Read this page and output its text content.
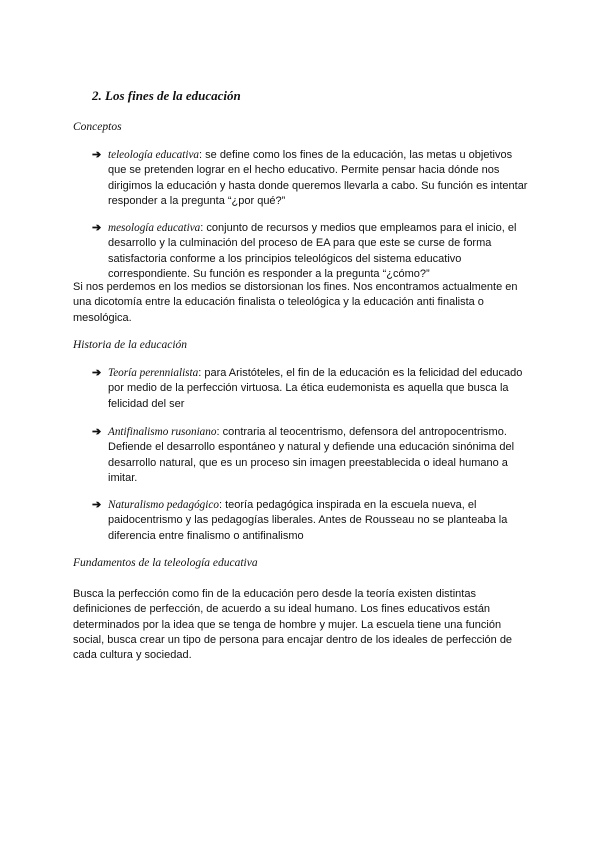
2. Los fines de la educación
Conceptos
➔ teleología educativa: se define como los fines de la educación, las metas u objetivos que se pretenden lograr en el hecho educativo. Permite pensar hacia dónde nos dirigimos la educación y hasta donde queremos llevarla a cabo. Su función es intentar responder a la pregunta “¿por qué?”
➔ mesología educativa: conjunto de recursos y medios que empleamos para el inicio, el desarrollo y la culminación del proceso de EA para que este se curse de forma satisfactoria conforme a los principios teleológicos del sistema educativo correspondiente. Su función es responder a la pregunta “¿cómo?”
Si nos perdemos en los medios se distorsionan los fines. Nos encontramos actualmente en una dicotomía entre la educación finalista o teleológica y la educación anti finalista o mesológica.
Historia de la educación
➔ Teoría perennialista: para Aristóteles, el fin de la educación es la felicidad del educado por medio de la perfección virtuosa. La ética eudemonista es aquella que busca la felicidad del ser
➔ Antifinalismo rusoniano: contraria al teocentrismo, defensora del antropocentrismo. Defiende el desarrollo espontáneo y natural y defiende una educación sinónima del desarrollo natural, que es un proceso sin imagen preestablecida o ideal humano a imitar.
➔ Naturalismo pedagógico: teoría pedagógica inspirada en la escuela nueva, el paidocentrismo y las pedagogías liberales. Antes de Rousseau no se planteaba la diferencia entre finalismo o antifinalismo
Fundamentos de la teleología educativa
Busca la perfección como fin de la educación pero desde la teoría existen distintas definiciones de perfección, de acuerdo a su ideal humano. Los fines educativos están determinados por la idea que se tenga de hombre y mujer. La escuela tiene una función social, busca crear un tipo de persona para encajar dentro de los ideales de perfección de cada cultura y sociedad.
